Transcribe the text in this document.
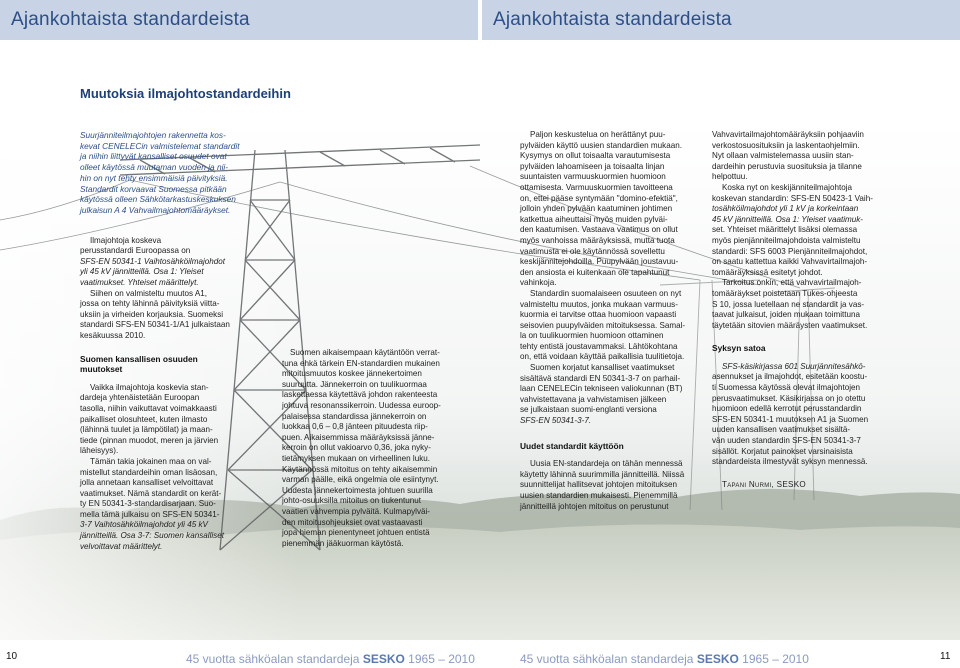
Ajankohtaista standardeista	Ajankohtaista standardeista
Muutoksia ilmajohtostandardeihin
Suurjänniteilmajohtojen rakennetta kos-
kevat CENELECin valmistelemat standardit
ja niihin liittyvät kansalliset osuudet ovat
olleet käytössä muutaman vuoden ja nii-
hin on nyt tehty ensimmäisiä päivityksiä.
Standardit korvaavat Suomessa pitkään
käytössä olleen Sähkötarkastuskeskuksen
julkaisun A 4 Vahvailmajohtomääräykset.
Ilmajohtoja koskeva
perusstandardi Euroopassa on
SFS-EN 50341-1 Vaihtosähköilmajohdot
yli 45 kV jännitteillä. Osa 1: Yleiset
vaatimukset. Yhteiset määrittelyt.
Siihen on valmisteltu muutos A1,
jossa on tehty lähinnä päivityksiä viitta-
uksiin ja virheiden korjauksia. Suomeksi
standardi SFS-EN 50341-1/A1 julkaistaan
kesäkuussa 2010.
Suomen kansallisen osuuden
muutokset
Vaikka ilmajohtoja koskevia stan-
dardeja yhtenäistetään Euroopan
tasolla, niihin vaikuttavat voimakkaasti
paikalliset olosuhteet, kuten ilmasto
(lähinnä tuulet ja lämpötilat) ja maan-
tiede (pinnan muodot, meren ja järvien
läheisyys).
Tämän takia jokainen maa on val-
mistellut standardeihin oman lisäosan,
jolla annetaan kansalliset velvoittavat
vaatimukset. Nämä standardit on kerät-
ty EN 50341-3-standardisarjaan. Suo-
mella tämä julkaisu on SFS-EN 50341-
3-7 Vaihtosähköilmajohdot yli 45 kV
jännitteillä. Osa 3-7: Suomen kansalliset
velvoittavat määrittelyt.
Suomen aikaisempaan käytäntöön verrat-
tuna ehkä tärkein EN-standardien mukainen
mitoitusmuutos koskee jännekertoimen
suuruutta. Jännekerroin on tuulikuormaa
laskettaessa käytettävä johdon rakenteesta
johtuva resonanssikerroin. Uudessa euroop-
palaisessa standardissa jännekerroin on
luokkaa 0,6 – 0,8 jänteen pituudesta riip-
puen. Aikaisemmissa määräyksissä jänne-
kerroin on ollut vakioarvo 0,36, joka nyky-
tietämyksen mukaan on virheellinen luku.
Käytännössä mitoitus on tehty aikaisemmin
varman päälle, eikä ongelmia ole esiintynyt.
Uudesta jännekertoimesta johtuen suurilla
johto-osuuksilla mitoitus on tiukentunut
vaatien vahvempia pylväitä. Kulmapylväi-
den mitoitusohjeuksiet ovat vastaavasti
jopa hieman pienentyneet johtuen entistä
pienemmän jääkuorman käytöstä.
Paljon keskustelua on herättänyt puu-
pylväiden käyttö uusien standardien mukaan.
Kysymys on ollut toisaalta varautumisesta
pylväiden lahoamiseen ja toisaalta linjan
suuntaisten varmuuskuormien huomioon
ottamisesta. Varmuuskuormien tavoitteena
on, ettei pääse syntymään "domino-efektiä",
jolloin yhden pylvään kaatuminen johtimen
katkettua aiheuttaisi myös muiden pylväi-
den kaatumisen. Vastaava vaatimus on ollut
myös vanhoissa määräyksissä, mutta tuota
vaatimusta ei ole käytännössä sovellettu
keskijännitejohdoilla. Puupylvään joustavuu-
den ansiosta ei kuitenkaan ole tapahtunut
vahinkoja.
Standardin suomalaiseen osuuteen on nyt
valmisteltu muutos, jonka mukaan varmuus-
kuormia ei tarvitse ottaa huomioon vapaasti
seisovien puupylväiden mitoituksessa. Samal-
la on tuulikuormien huomioon ottaminen
tehty entistä joustavammaksi. Lähtökohtana
on, että voidaan käyttää paikallisia tuulitietoja.
Suomen korjatut kansalliset vaatimukset
sisältävä standardi EN 50341-3-7 on parhail-
laan CENELECin tekniseen valiokunnan (BT)
vahvistettavana ja vahvistamisen jälkeen
se julkaistaan suomi-englanti versiona
SFS-EN 50341-3-7.
Uudet standardit käyttöön
Uusia EN-standardeja on tähän mennessä
käytetty lähinnä suurimmilla jännitteillä. Niissä
suunnittelijat hallitsevat johtojen mitoituksen
uusien standardien mukaisesti. Pienemmillä
jännitteillä johtojen mitoitus on perustunut
Vahvavirtailmajohtomääräyksiin pohjaaviin
verkostosuosituksiin ja laskentaohjelmiin.
Nyt ollaan valmistelemassa uusiin stan-
dardeihin perustuvia suosituksia ja tilanne
helpottuu.
Koska nyt on keskijänniteilmajohtoja
koskevan standardin: SFS-EN 50423-1 Vaih-
tosähköilmajohdot yli 1 kV ja korkeintaan
45 kV jännitteillä. Osa 1: Yleiset vaatimuk-
set. Yhteiset määrittelyt lisäksi olemassa
myös pienjänniteilmajohdoista valmisteltu
standardi: SFS 6003 Pienjänniteilmajohdot,
on saatu kattettua kaikki Vahvavirtailmajoh-
tomääräyksissä esitetyt johdot.
Tarkoitus onkin, että vahvavirtailmajoh-
tomääräykset poistetaan Tukes-ohjeesta
S 10, jossa luetellaan ne standardit ja vas-
taavat julkaisut, joiden mukaan toimittuna
täytetään sitovien määräysten vaatimukset.
Syksyn satoa
SFS-käsikirjassa 601 Suurjännitesähkö-
asennukset ja ilmajohdot, esitetään koostu-
ti Suomessa käytössä olevat ilmajohtojen
perusvaatimukset. Käsikirjassa on jo otettu
huomioon edellä kerrotut perusstandardin
SFS-EN 50341-1 muutoksen A1 ja Suomen
uuden kansallisen vaatimukset sisältä-
vän uuden standardin SFS-EN 50341-3-7
sisällöt. Korjatut painokset varsinaisista
standardeista ilmestyvät syksyn mennessä.
Tapani Nurmi, SESKO
10	11
45 vuotta sähköalan standardeja SESKO 1965 – 2010	45 vuotta sähköalan standardeja SESKO 1965 – 2010
